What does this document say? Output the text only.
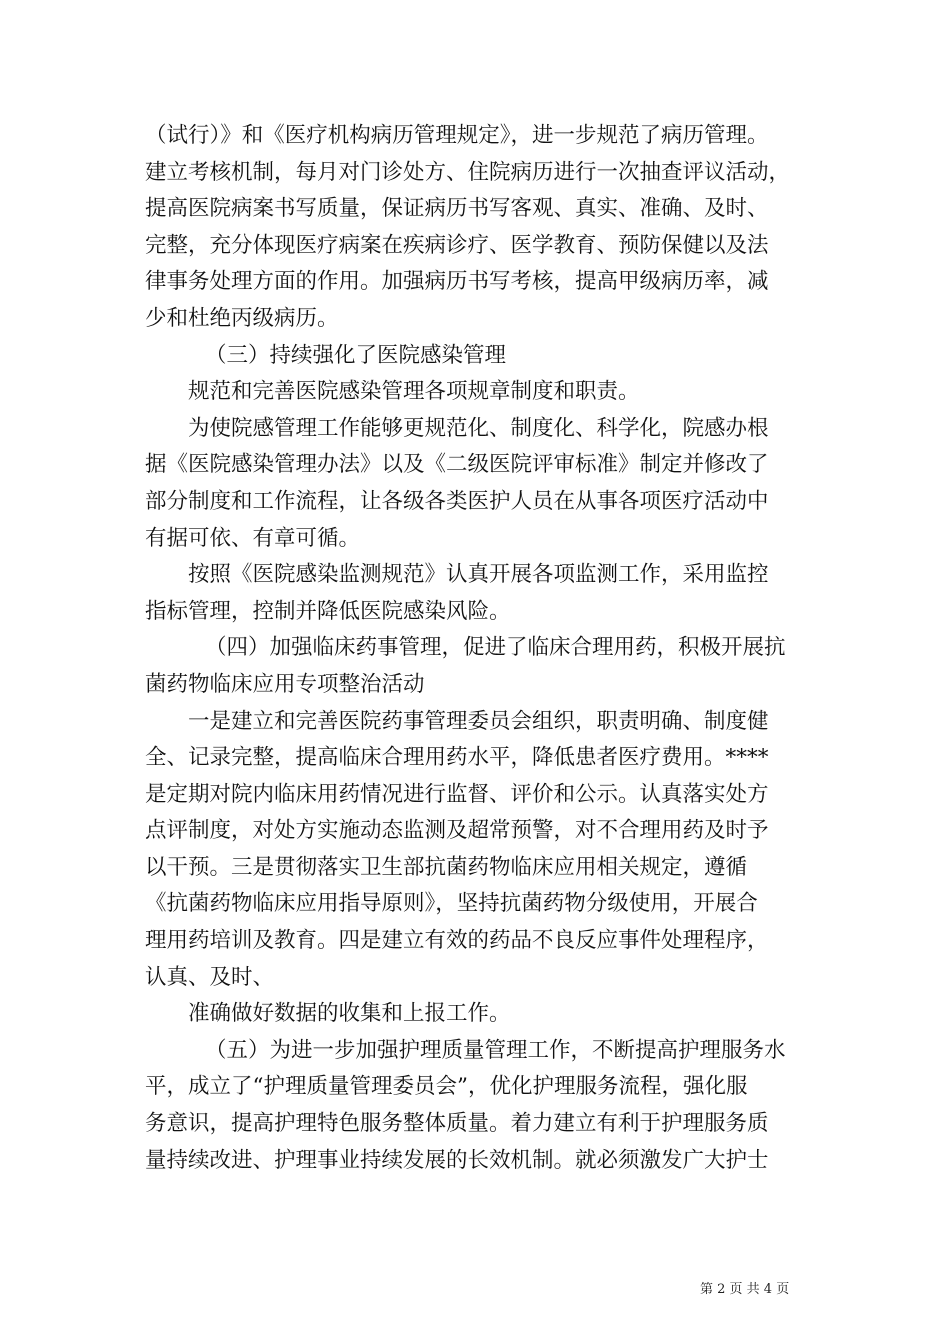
（试行）》和《医疗机构病历管理规定》，进一步规范了病历管理。
建立考核机制，每月对门诊处方、住院病历进行一次抽查评议活动，
提高医院病案书写质量，保证病历书写客观、真实、准确、及时、
完整，充分体现医疗病案在疾病诊疗、医学教育、预防保健以及法
律事务处理方面的作用。加强病历书写考核，提高甲级病历率，减
少和杜绝丙级病历。
（三）持续强化了医院感染管理
规范和完善医院感染管理各项规章制度和职责。
为使院感管理工作能够更规范化、制度化、科学化，院感办根
据《医院感染管理办法》以及《二级医院评审标准》制定并修改了
部分制度和工作流程，让各级各类医护人员在从事各项医疗活动中
有据可依、有章可循。
按照《医院感染监测规范》认真开展各项监测工作，采用监控
指标管理，控制并降低医院感染风险。
（四）加强临床药事管理，促进了临床合理用药，积极开展抗
菌药物临床应用专项整治活动
一是建立和完善医院药事管理委员会组织，职责明确、制度健
全、记录完整，提高临床合理用药水平，降低患者医疗费用。****
是定期对院内临床用药情况进行监督、评价和公示。认真落实处方
点评制度，对处方实施动态监测及超常预警，对不合理用药及时予
以干预。三是贯彻落实卫生部抗菌药物临床应用相关规定，遵循
《抗菌药物临床应用指导原则》，坚持抗菌药物分级使用，开展合
理用药培训及教育。四是建立有效的药品不良反应事件处理程序，
认真、及时、
准确做好数据的收集和上报工作。
（五）为进一步加强护理质量管理工作，不断提高护理服务水
平，成立了“护理质量管理委员会”，优化护理服务流程，强化服
务意识，提高护理特色服务整体质量。着力建立有利于护理服务质
量持续改进、护理事业持续发展的长效机制。就必须激发广大护士
第 2 页 共 4 页
